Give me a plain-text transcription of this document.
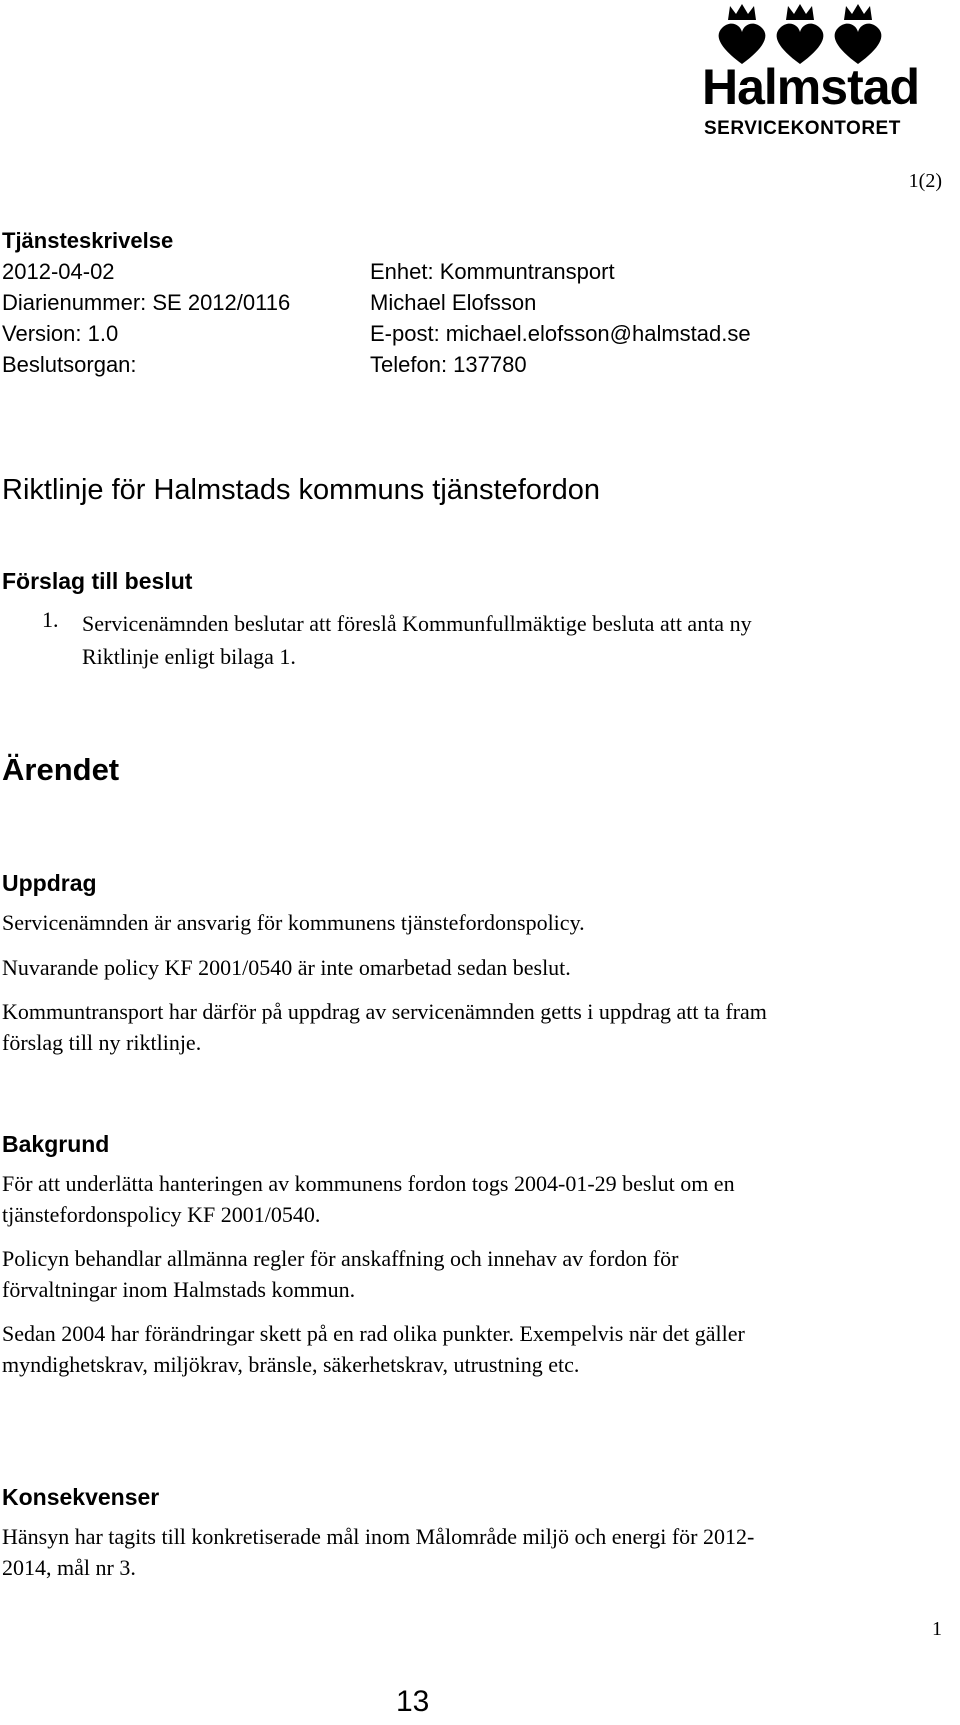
Halmstad
SERVICEKONTORET
1(2)
Tjänsteskrivelse
2012-04-02
Diarienummer: SE 2012/0116
Version: 1.0
Beslutsorgan:
Enhet: Kommuntransport
Michael Elofsson
E-post: michael.elofsson@halmstad.se
Telefon: 137780
Riktlinje för Halmstads kommuns tjänstefordon
Förslag till beslut
1. Servicenämnden beslutar att föreslå Kommunfullmäktige besluta att anta ny
Riktlinje enligt bilaga 1.
Ärendet
Uppdrag
Servicenämnden är ansvarig för kommunens tjänstefordonspolicy.
Nuvarande policy KF 2001/0540 är inte omarbetad sedan beslut.
Kommuntransport har därför på uppdrag av servicenämnden getts i uppdrag att ta fram
förslag till ny riktlinje.
Bakgrund
För att underlätta hanteringen av kommunens fordon togs 2004-01-29 beslut om en
tjänstefordonspolicy KF 2001/0540.
Policyn behandlar allmänna regler för anskaffning och innehav av fordon för
förvaltningar inom Halmstads kommun.
Sedan 2004 har förändringar skett på en rad olika punkter. Exempelvis när det gäller
myndighetskrav, miljökrav, bränsle, säkerhetskrav, utrustning etc.
Konsekvenser
Hänsyn har tagits till konkretiserade mål inom Målområde miljö och energi för 2012-
2014, mål nr 3.
1
13
